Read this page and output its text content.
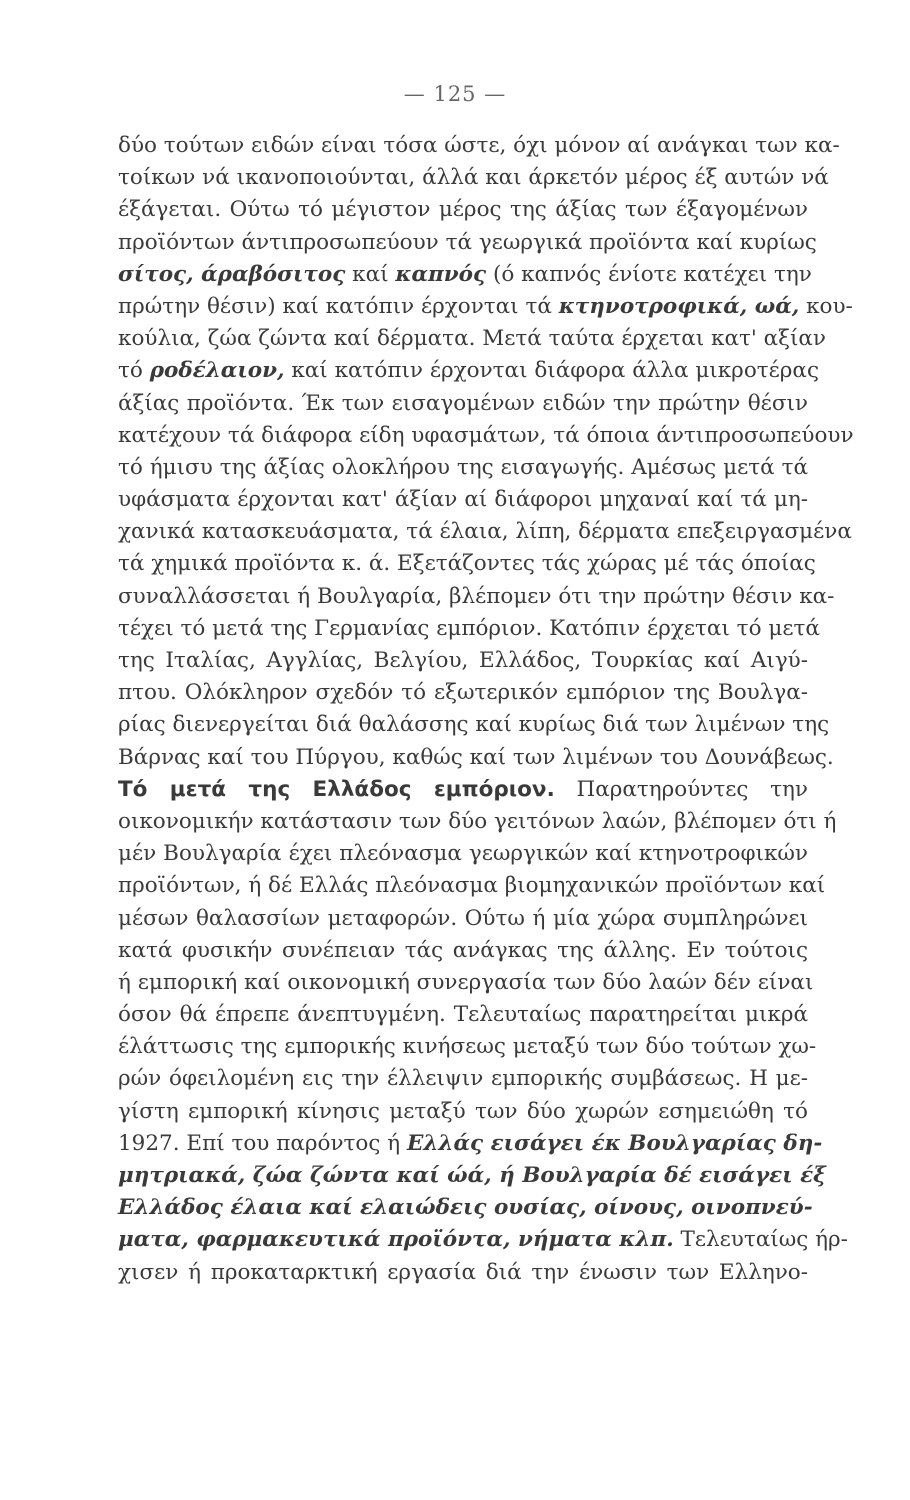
— 125 —
δύο τούτων ειδών είναι τόσα ώστε, όχι μόνον αί ανάγκαι των κα-
τοίκων νά ικανοποιούνται, άλλά και άρκετόν μέρος έξ αυτών νά
έξάγεται. Ούτω τό μέγιστον μέρος της άξίας των έξαγομένων
προϊόντων άντιπροσωπεύουν τά γεωργικά προϊόντα καί κυρίως
σίτος, άραβόσιτος καί καπνός (ό καπνός ένίοτε κατέχει την
πρώτην θέσιν) καί κατόπιν έρχονται τά κτηνοτροφικά, ωά, κου-
κούλια, ζώα ζώντα καί δέρματα. Μετά ταύτα έρχεται κατ' αξίαν
τό ροδέλαιον, καί κατόπιν έρχονται διάφορα άλλα μικροτέρας
άξίας προϊόντα. Έκ των εισαγομένων ειδών την πρώτην θέσιν
κατέχουν τά διάφορα είδη υφασμάτων, τά όποια άντιπροσωπεύουν
τό ήμισυ της άξίας ολοκλήρου της εισαγωγής. Αμέσως μετά τά
υφάσματα έρχονται κατ' άξίαν αί διάφοροι μηχαναί καί τά μη-
χανικά κατασκευάσματα, τά έλαια, λίπη, δέρματα επεξειργασμένα
τά χημικά προϊόντα κ. ά. Εξετάζοντες τάς χώρας μέ τάς όποίας
συναλλάσσεται ή Βουλγαρία, βλέπομεν ότι την πρώτην θέσιν κα-
τέχει τό μετά της Γερμανίας εμπόριον. Κατόπιν έρχεται τό μετά
της Ιταλίας, Αγγλίας, Βελγίου, Ελλάδος, Τουρκίας καί Αιγύ-
πτου. Ολόκληρον σχεδόν τό εξωτερικόν εμπόριον της Βουλγα-
ρίας διενεργείται διά θαλάσσης καί κυρίως διά των λιμένων της
Βάρνας καί του Πύργου, καθώς καί των λιμένων του Δουνάβεως.
Τό μετά της Ελλάδος εμπόριον. Παρατηρούντες την
οικονομικήν κατάστασιν των δύο γειτόνων λαών, βλέπομεν ότι ή
μέν Βουλγαρία έχει πλεόνασμα γεωργικών καί κτηνοτροφικών
προϊόντων, ή δέ Ελλάς πλεόνασμα βιομηχανικών προϊόντων καί
μέσων θαλασσίων μεταφορών. Ούτω ή μία χώρα συμπληρώνει
κατά φυσικήν συνέπειαν τάς ανάγκας της άλλης. Εν τούτοις
ή εμπορική καί οικονομική συνεργασία των δύο λαών δέν είναι
όσον θά έπρεπε άνεπτυγμένη. Τελευταίως παρατηρείται μικρά
έλάττωσις της εμπορικής κινήσεως μεταξύ των δύο τούτων χω-
ρών όφειλομένη εις την έλλειψιν εμπορικής συμβάσεως. Η με-
γίστη εμπορική κίνησις μεταξύ των δύο χωρών εσημειώθη τό
1927. Επί του παρόντος ή Ελλάς εισάγει έκ Βουλγαρίας δη-
μητριακά, ζώα ζώντα καί ώά, ή Βουλγαρία δέ εισάγει έξ
Ελλάδος έλαια καί ελαιώδεις ουσίας, οίνους, οινοπνεύ-
ματα, φαρμακευτικά προϊόντα, νήματα κλπ. Τελευταίως ήρ-
χισεν ή προκαταρκτική εργασία διά την ένωσιν των Ελληνο-
